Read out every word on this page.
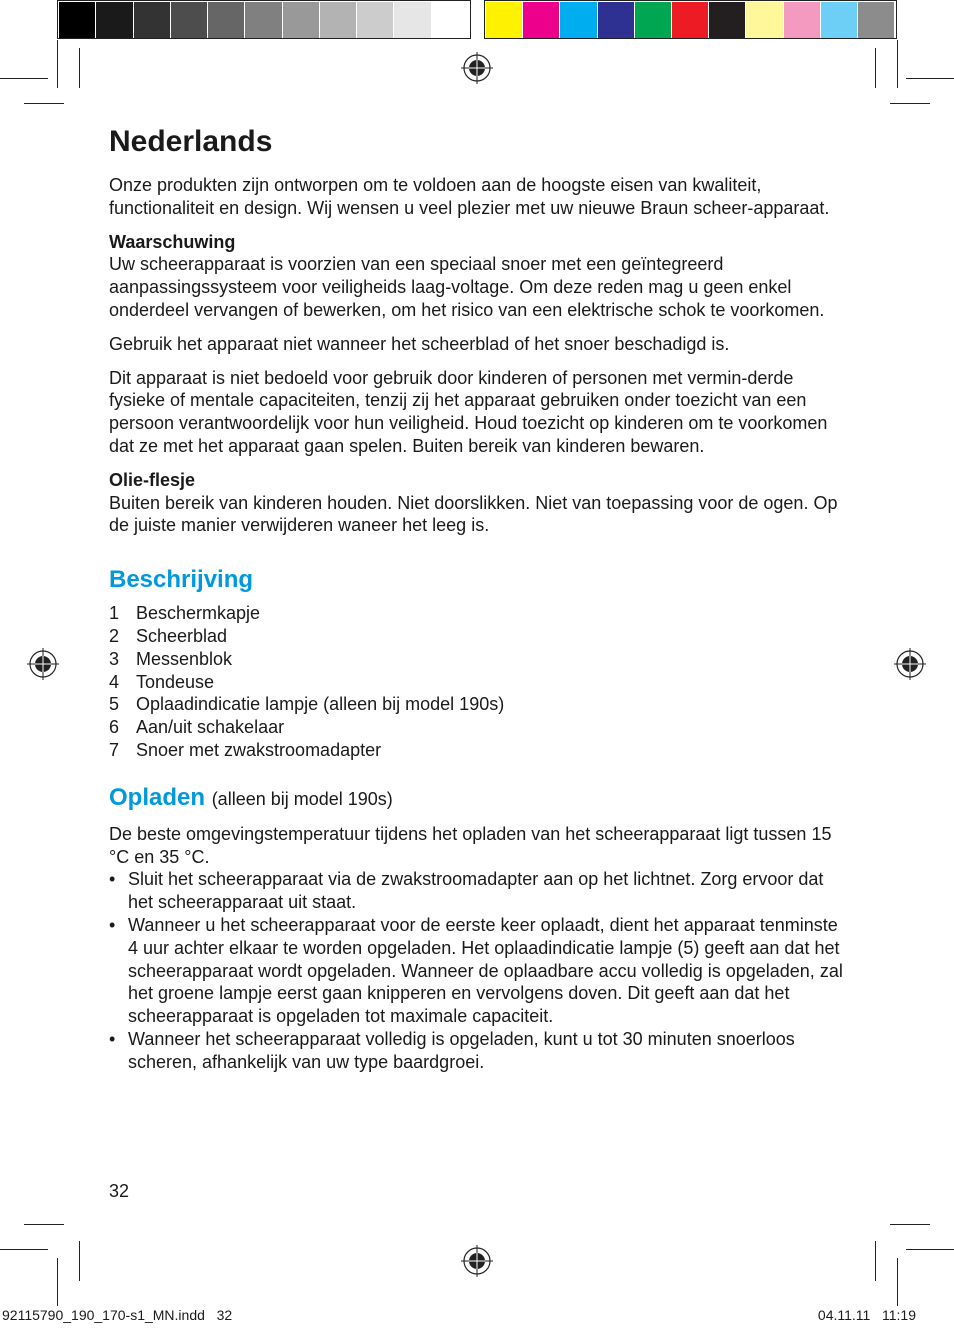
Nederlands

Onze produkten zijn ontworpen om te voldoen aan de hoogste eisen van kwaliteit, functionaliteit en design. Wij wensen u veel plezier met uw nieuwe Braun scheer-apparaat.

Waarschuwing

Uw scheerapparaat is voorzien van een speciaal snoer met een geïntegreerd aanpassingssysteem voor veiligheids laag-voltage. Om deze reden mag u geen enkel onderdeel vervangen of bewerken, om het risico van een elektrische schok te voorkomen.

Gebruik het apparaat niet wanneer het scheerblad of het snoer beschadigd is.

Dit apparaat is niet bedoeld voor gebruik door kinderen of personen met vermin-derde fysieke of mentale capaciteiten, tenzij zij het apparaat gebruiken onder toezicht van een persoon verantwoordelijk voor hun veiligheid. Houd toezicht op kinderen om te voorkomen dat ze met het apparaat gaan spelen. Buiten bereik van kinderen bewaren.

Olie-flesje

Buiten bereik van kinderen houden. Niet doorslikken. Niet van toepassing voor de ogen. Op de juiste manier verwijderen waneer het leeg is.

Beschrijving
1 Beschermkapje
2 Scheerblad
3 Messenblok
4 Tondeuse
5 Oplaadindicatie lampje (alleen bij model 190s)
6 Aan/uit schakelaar
7 Snoer met zwakstroomadapter
Opladen (alleen bij model 190s)
De beste omgevingstemperatuur tijdens het opladen van het scheerapparaat ligt tussen 15 °C en 35 °C.
• Sluit het scheerapparaat via de zwakstroomadapter aan op het lichtnet. Zorg ervoor dat het scheerapparaat uit staat.
• Wanneer u het scheerapparaat voor de eerste keer oplaadt, dient het apparaat tenminste 4 uur achter elkaar te worden opgeladen. Het oplaadindicatie lampje (5) geeft aan dat het scheerapparaat wordt opgeladen. Wanneer de oplaadbare accu volledig is opgeladen, zal het groene lampje eerst gaan knipperen en vervolgens doven. Dit geeft aan dat het scheerapparaat is opgeladen tot maximale capaciteit.
• Wanneer het scheerapparaat volledig is opgeladen, kunt u tot 30 minuten snoerloos scheren, afhankelijk van uw type baardgroei.
32
92115790_190_170-s1_MN.indd   32	04.11.11   11:19
